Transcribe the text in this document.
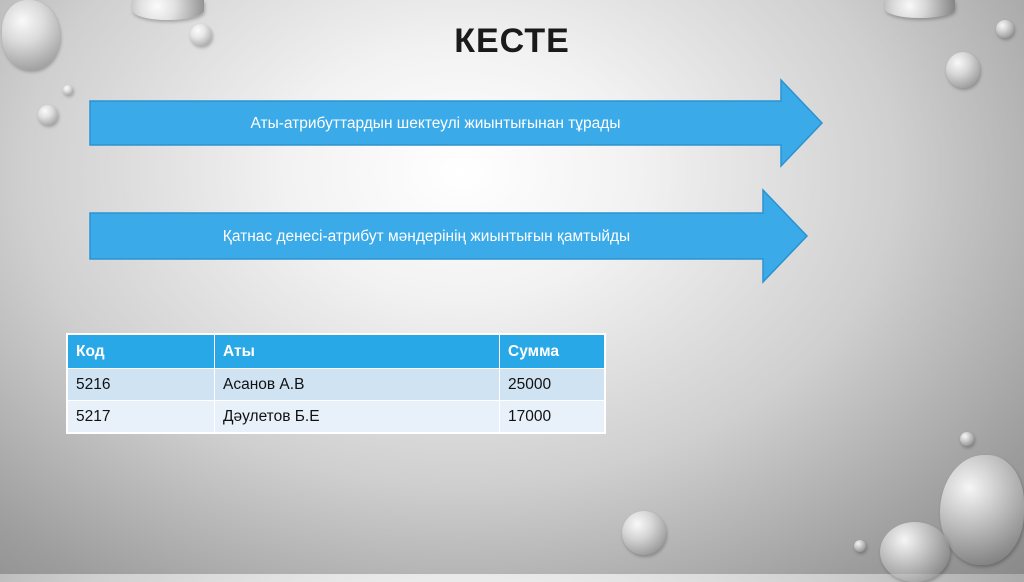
КЕСТЕ
Аты-атрибуттардын шектеулі жиынтығынан тұрады
Қатнас денесі-атрибут мәндерінің жиынтығын қамтыйды
Код	Аты	Сумма
5216	Асанов А.В	25000
5217	Дәулетов Б.Е	17000
